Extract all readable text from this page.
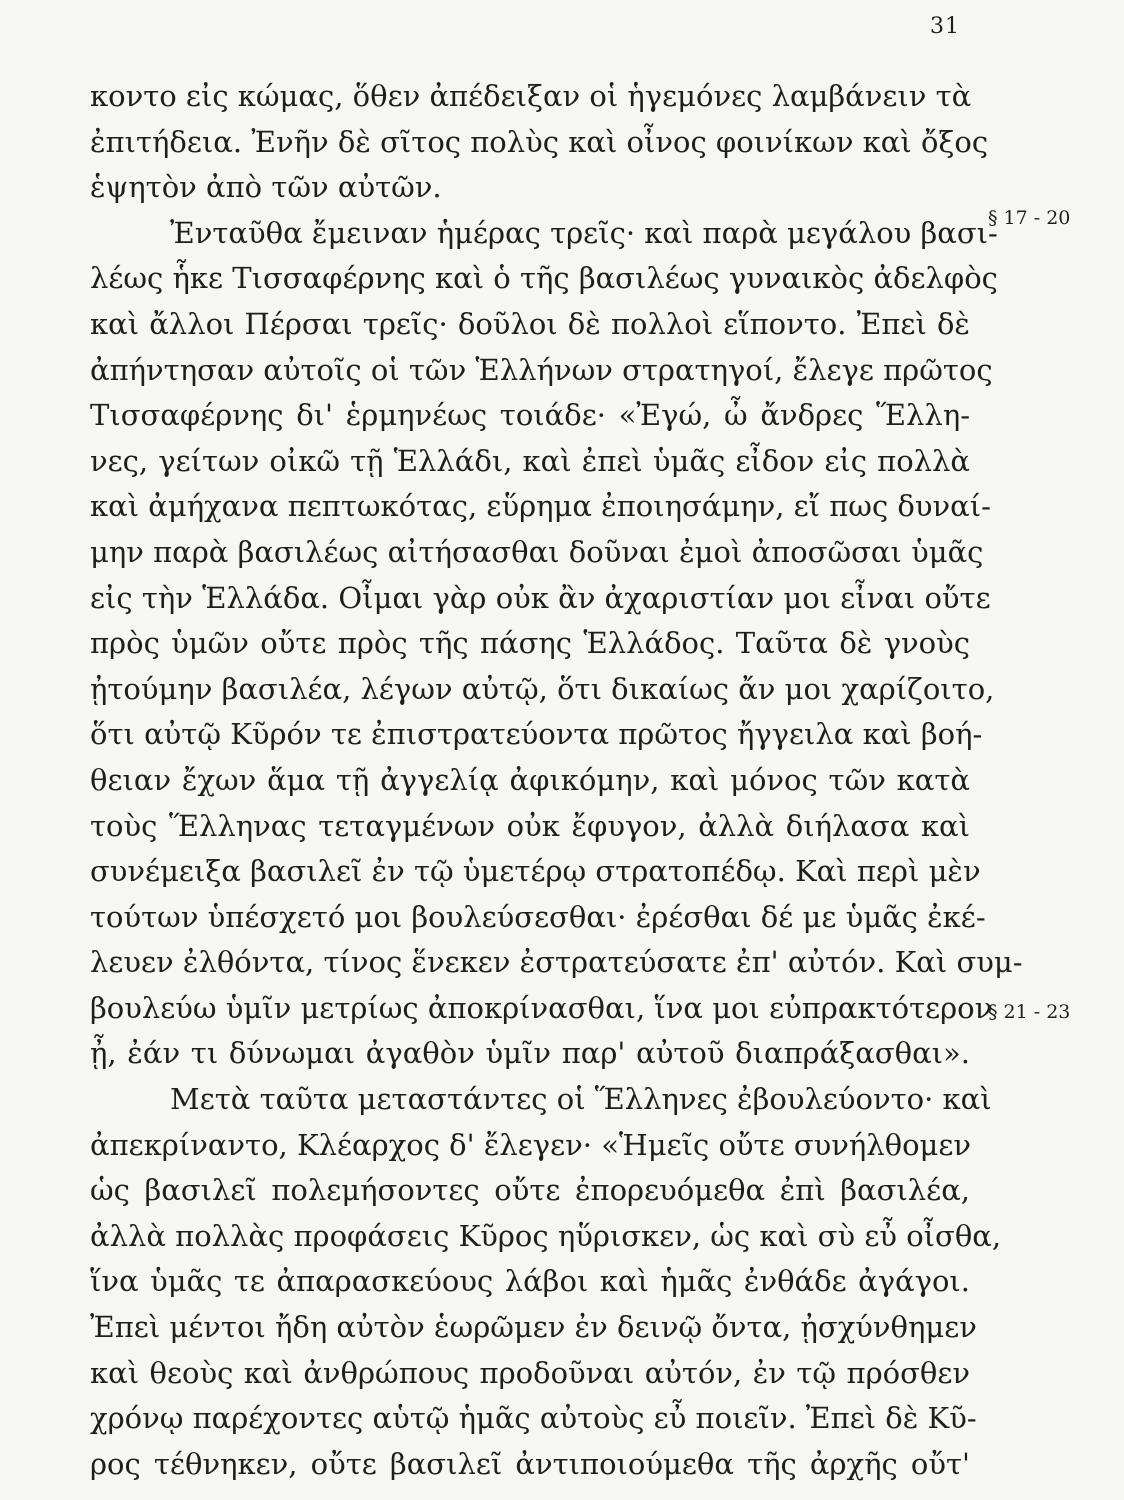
31
κοντο εἰς κώμας, ὅθεν ἀπέδειξαν οἱ ἡγεμόνες λαμβάνειν τὰ
ἐπιτήδεια. Ἐνῆν δὲ σῖτος πολὺς καὶ οἶνος φοινίκων καὶ ὄξος
ἑψητὸν ἀπὸ τῶν αὐτῶν.
Ἐνταῦθα ἔμειναν ἡμέρας τρεῖς· καὶ παρὰ μεγάλου βασι-
λέως ἧκε Τισσαφέρνης καὶ ὁ τῆς βασιλέως γυναικὸς ἀδελφὸς
καὶ ἄλλοι Πέρσαι τρεῖς· δοῦλοι δὲ πολλοὶ εἵποντο. Ἐπεὶ δὲ
ἀπήντησαν αὐτοῖς οἱ τῶν Ἑλλήνων στρατηγοί, ἔλεγε πρῶτος
Τισσαφέρνης δι' ἑρμηνέως τοιάδε· «Ἐγώ, ὦ ἄνδρες Ἕλλη-
νες, γείτων οἰκῶ τῇ Ἑλλάδι, καὶ ἐπεὶ ὑμᾶς εἶδον εἰς πολλὰ
καὶ ἀμήχανα πεπτωκότας, εὕρημα ἐποιησάμην, εἴ πως δυναί-
μην παρὰ βασιλέως αἰτήσασθαι δοῦναι ἐμοὶ ἀποσῶσαι ὑμᾶς
εἰς τὴν Ἑλλάδα. Οἶμαι γὰρ οὐκ ἂν ἀχαριστίαν μοι εἶναι οὔτε
πρὸς ὑμῶν οὔτε πρὸς τῆς πάσης Ἑλλάδος. Ταῦτα δὲ γνοὺς
ᾐτούμην βασιλέα, λέγων αὐτῷ, ὅτι δικαίως ἄν μοι χαρίζοιτο,
ὅτι αὐτῷ Κῦρόν τε ἐπιστρατεύοντα πρῶτος ἤγγειλα καὶ βοή-
θειαν ἔχων ἅμα τῇ ἀγγελίᾳ ἀφικόμην, καὶ μόνος τῶν κατὰ
τοὺς Ἕλληνας τεταγμένων οὐκ ἔφυγον, ἀλλὰ διήλασα καὶ
συνέμειξα βασιλεῖ ἐν τῷ ὑμετέρῳ στρατοπέδῳ. Καὶ περὶ μὲν
τούτων ὑπέσχετό μοι βουλεύσεσθαι· ἐρέσθαι δέ με ὑμᾶς ἐκέ-
λευεν ἐλθόντα, τίνος ἕνεκεν ἐστρατεύσατε ἐπ' αὐτόν. Καὶ συμ-
βουλεύω ὑμῖν μετρίως ἀποκρίνασθαι, ἵνα μοι εὐπρακτότερον
ᾖ, ἐάν τι δύνωμαι ἀγαθὸν ὑμῖν παρ' αὐτοῦ διαπράξασθαι».
Μετὰ ταῦτα μεταστάντες οἱ Ἕλληνες ἐβουλεύοντο· καὶ
ἀπεκρίναντο, Κλέαρχος δ' ἔλεγεν· «Ἡμεῖς οὔτε συνήλθομεν
ὡς βασιλεῖ πολεμήσοντες οὔτε ἐπορευόμεθα ἐπὶ βασιλέα,
ἀλλὰ πολλὰς προφάσεις Κῦρος ηὕρισκεν, ὡς καὶ σὺ εὖ οἶσθα,
ἵνα ὑμᾶς τε ἀπαρασκεύους λάβοι καὶ ἡμᾶς ἐνθάδε ἀγάγοι.
Ἐπεὶ μέντοι ἤδη αὐτὸν ἑωρῶμεν ἐν δεινῷ ὄντα, ᾐσχύνθημεν
καὶ θεοὺς καὶ ἀνθρώπους προδοῦναι αὐτόν, ἐν τῷ πρόσθεν
χρόνῳ παρέχοντες αὑτῷ ἡμᾶς αὐτοὺς εὖ ποιεῖν. Ἐπεὶ δὲ Κῦ-
ρος τέθνηκεν, οὔτε βασιλεῖ ἀντιποιούμεθα τῆς ἀρχῆς οὔτ'
§ 17 - 20
§ 21 - 23
